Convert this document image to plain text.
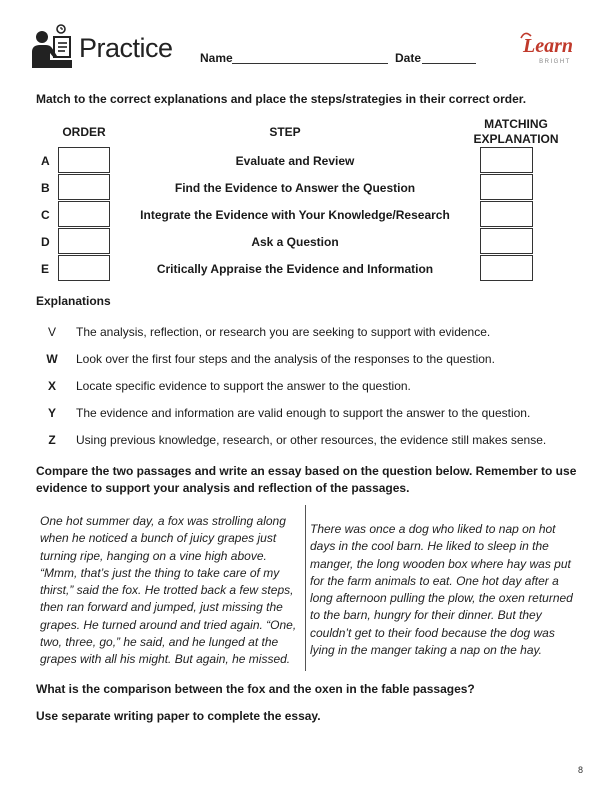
Practice Name	Date
Learn
BRIGHT
Match to the correct explanations and place the steps/strategies in their correct order.
ORDER	STEP
MATCHING EXPLANATION
A	Evaluate and Review
B	Find the Evidence to Answer the Question
C	Integrate the Evidence with Your Knowledge/Research
D	Ask a Question
E	Critically Appraise the Evidence and Information
Explanations
V	The analysis, reflection, or research you are seeking to support with evidence.
W	Look over the first four steps and the analysis of the responses to the question.
X	Locate specific evidence to support the answer to the question.
Y	The evidence and information are valid enough to support the answer to the question.
Z	Using previous knowledge, research, or other resources, the evidence still makes sense.
Compare the two passages and write an essay based on the question below. Remember to use evidence to support your analysis and reflection of the passages.
One hot summer day, a fox was strolling along when he noticed a bunch of juicy grapes just turning ripe, hanging on a vine high above. “Mmm, that’s just the thing to take care of my thirst,” said the fox. He trotted back a few steps, then ran forward and jumped, just missing the grapes. He turned around and tried again. “One, two, three, go,” he said, and he lunged at the grapes with all his might. But again, he missed.
There was once a dog who liked to nap on hot days in the cool barn. He liked to sleep in the manger, the long wooden box where hay was put for the farm animals to eat. One hot day after a long afternoon pulling the plow, the oxen returned to the barn, hungry for their dinner. But they couldn’t get to their food because the dog was lying in the manger taking a nap on the hay.
What is the comparison between the fox and the oxen in the fable passages?
Use separate writing paper to complete the essay.
8
